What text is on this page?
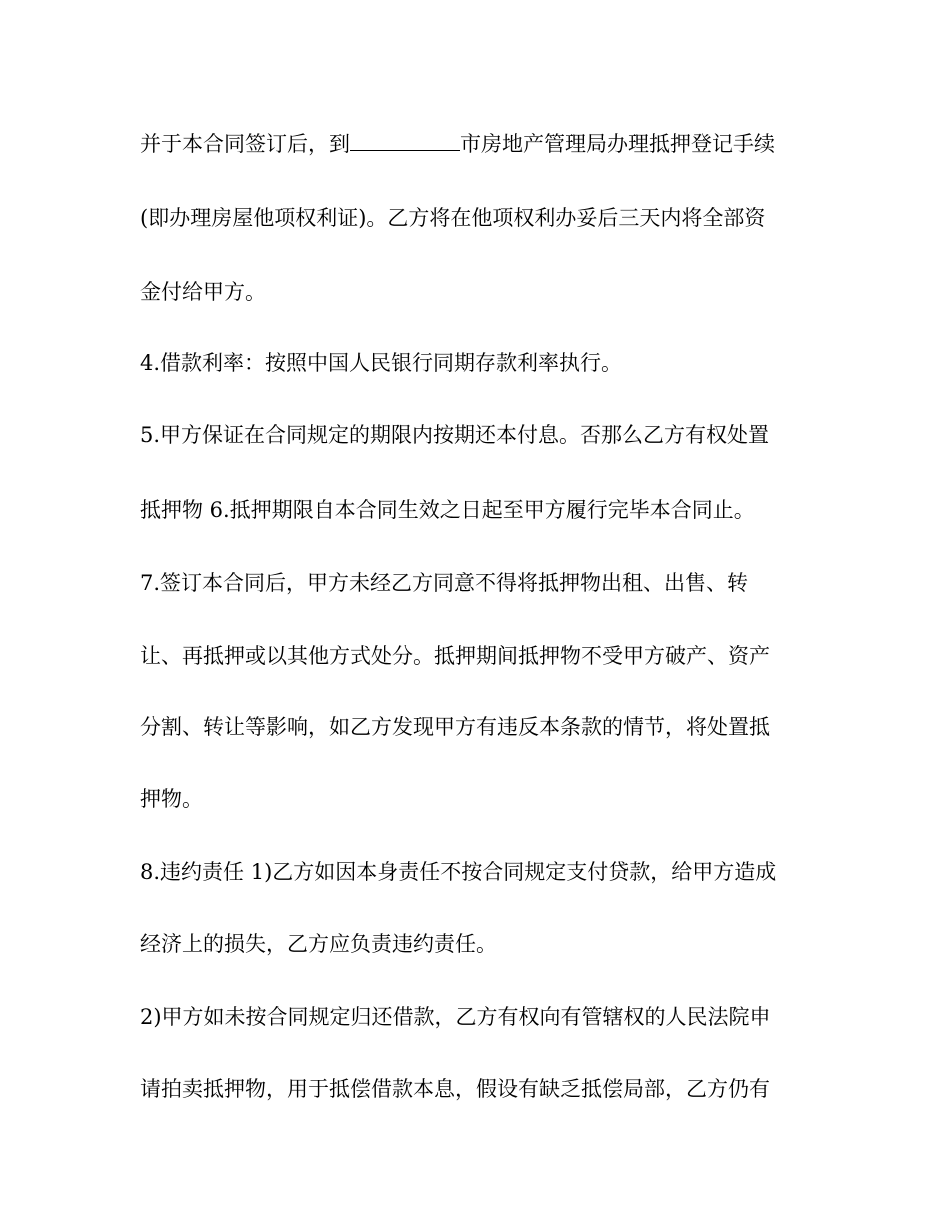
并于本合同签订后，到	市房地产管理局办理抵押登记手续
(即办理房屋他项权利证)。乙方将在他项权利办妥后三天内将全部资
金付给甲方。
4.借款利率：按照中国人民银行同期存款利率执行。
5.甲方保证在合同规定的期限内按期还本付息。否那么乙方有权处置
抵押物 6.抵押期限自本合同生效之日起至甲方履行完毕本合同止。
7.签订本合同后，甲方未经乙方同意不得将抵押物出租、出售、转
让、再抵押或以其他方式处分。抵押期间抵押物不受甲方破产、资产
分割、转让等影响，如乙方发现甲方有违反本条款的情节，将处置抵
押物。
8.违约责任 1)乙方如因本身责任不按合同规定支付贷款，给甲方造成
经济上的损失，乙方应负责违约责任。
2)甲方如未按合同规定归还借款，乙方有权向有管辖权的人民法院申
请拍卖抵押物，用于抵偿借款本息，假设有缺乏抵偿局部，乙方仍有
